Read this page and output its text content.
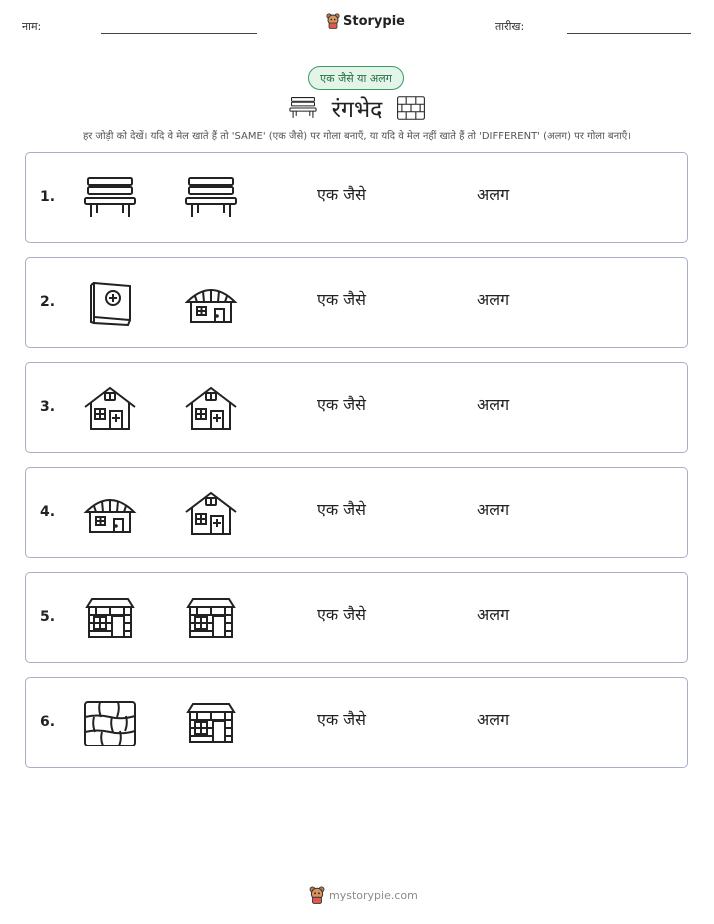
नाम:	Storypie	तारीख:
एक जैसे या अलग
रंगभेद
हर जोड़ी को देखें। यदि वे मेल खाते हैं तो 'SAME' (एक जैसे) पर गोला बनाएँ, या यदि वे मेल नहीं खाते हैं तो 'DIFFERENT' (अलग) पर गोला बनाएँ।
1.	एक जैसे	अलग
2.	एक जैसे	अलग
3.	एक जैसे	अलग
4.	एक जैसे	अलग
5.	एक जैसे	अलग
6.	एक जैसे	अलग
mystorypie.com
